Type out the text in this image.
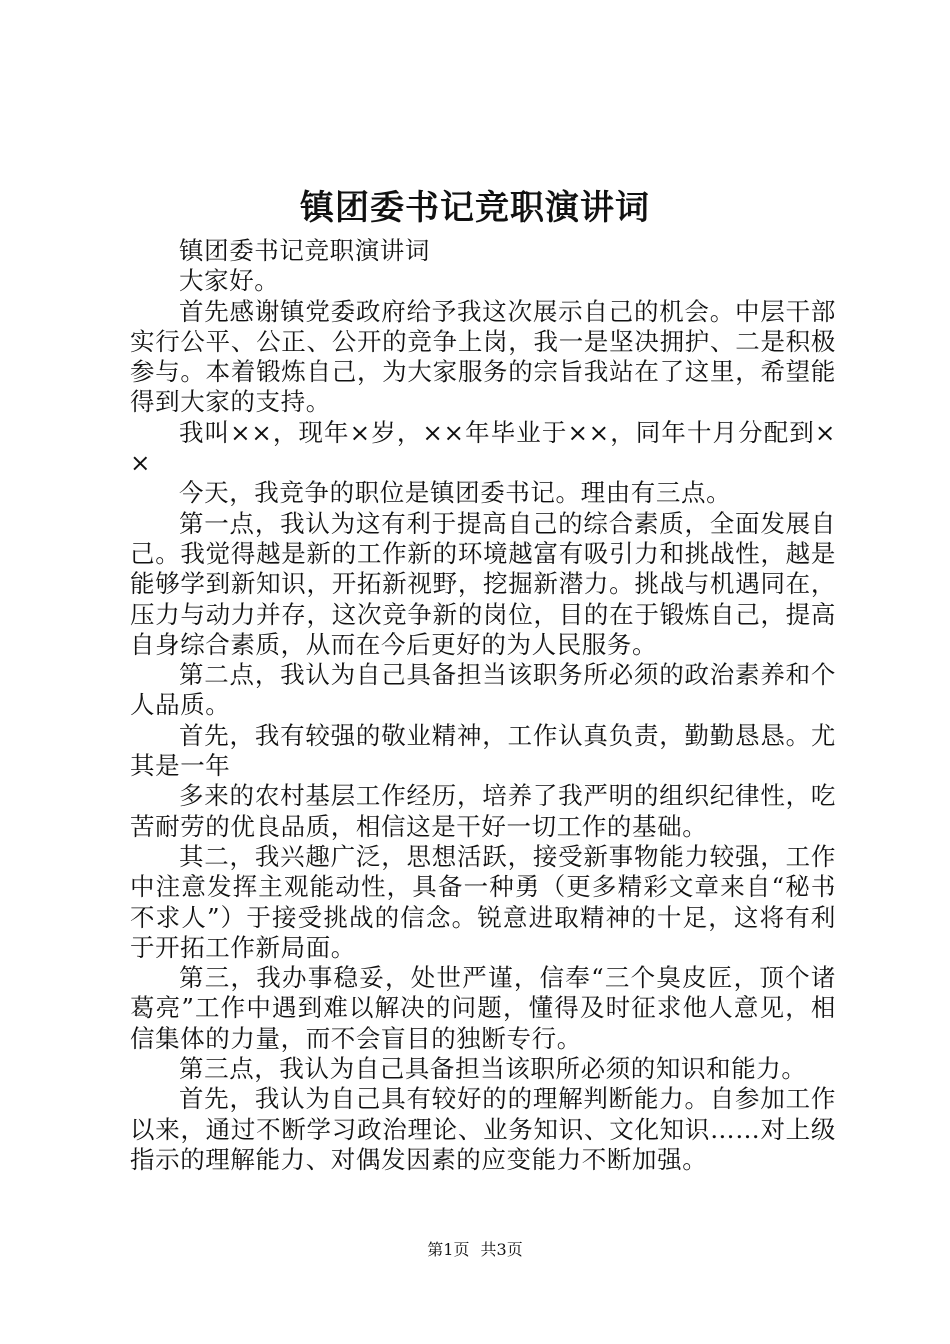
镇团委书记竞职演讲词

镇团委书记竞职演讲词

大家好。

首先感谢镇党委政府给予我这次展示自己的机会。中层干部实行公平、公正、公开的竞争上岗，我一是坚决拥护、二是积极参与。本着锻炼自己，为大家服务的宗旨我站在了这里，希望能得到大家的支持。

我叫××，现年×岁，××年毕业于××，同年十月分配到××

今天，我竞争的职位是镇团委书记。理由有三点。

第一点，我认为这有利于提高自己的综合素质，全面发展自己。我觉得越是新的工作新的环境越富有吸引力和挑战性，越是能够学到新知识，开拓新视野，挖掘新潜力。挑战与机遇同在，压力与动力并存，这次竞争新的岗位，目的在于锻炼自己，提高自身综合素质，从而在今后更好的为人民服务。

第二点，我认为自己具备担当该职务所必须的政治素养和个人品质。

首先，我有较强的敬业精神，工作认真负责，勤勤恳恳。尤其是一年

多来的农村基层工作经历，培养了我严明的组织纪律性，吃苦耐劳的优良品质，相信这是干好一切工作的基础。

其二，我兴趣广泛，思想活跃，接受新事物能力较强，工作中注意发挥主观能动性，具备一种勇（更多精彩文章来自“秘书不求人”）于接受挑战的信念。锐意进取精神的十足，这将有利于开拓工作新局面。

第三，我办事稳妥，处世严谨，信奉“三个臭皮匠，顶个诸葛亮”工作中遇到难以解决的问题，懂得及时征求他人意见，相信集体的力量，而不会盲目的独断专行。

第三点，我认为自己具备担当该职所必须的知识和能力。

首先，我认为自己具有较好的的理解判断能力。自参加工作以来，通过不断学习政治理论、业务知识、文化知识……对上级指示的理解能力、对偶发因素的应变能力不断加强。

第1页 共3页
